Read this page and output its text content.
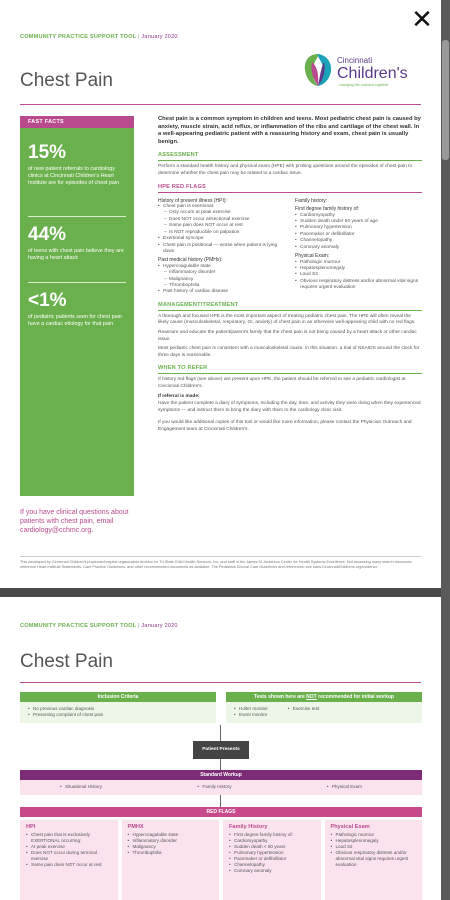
COMMUNITY PRACTICE SUPPORT TOOL | January 2020
Chest Pain
Cincinnati
Children's
changing the outcome together
FAST FACTS
15%
of new patient referrals to cardiology clinics at Cincinnati Children's Heart Institute are for episodes of chest pain
44%
of teens with chest pain believe they are having a heart attack
<1%
of pediatric patients seen for chest pain have a cardiac etiology for that pain
If you have clinical questions about patients with chest pain, email cardiology@cchmc.org.
Chest pain is a common symptom in children and teens. Most pediatric chest pain is caused by anxiety, muscle strain, acid reflux, or inflammation of the ribs and cartilage of the chest wall. In a well-appearing pediatric patient with a reassuring history and exam, chest pain is usually benign.
ASSESSMENT
Perform a standard health history and physical exam (HPE) with probing questions around the episodes of chest pain to determine whether the chest pain may be related to a cardiac issue.
HPE RED FLAGS
History of present illness (HPI):
• Chest pain is exertional:
– Only occurs at peak exercise
– Does NOT occur at/sectional exercise
– Same pain does NOT occur at rest
– Is NOT reproducible on palpation
• Exertional syncope
• Chest pain is positional — worse when patient is lying down
Past medical history (PMHx):
• Hypercoagulable state
– Inflammatory disorder
– Malignancy
– Thrombophilia
• Past history of cardiac disease
Family history:
First degree family history of:
• Cardiomyopathy
• Sudden death under 50 years of age
• Pulmonary hypertension
• Pacemaker or defibrillator
• Channelopathy
• Coronary anomaly
Physical Exam:
• Pathologic murmur
• Hepatosplenomegaly
• Loud S2
• Obvious respiratory distress and/or abnormal vital signs requires urgent evaluation
MANAGEMENT/TREATMENT
A thorough and focused HPE is the most important aspect of treating pediatric chest pain. The HPE will often reveal the likely cause (musculoskeletal, respiratory, GI, anxiety) of chest pain in an otherwise well-appearing child with no red flags.
Reassure and educate the patient/parent's family that the chest pain is not being caused by a heart attack or other cardiac issue.
Most pediatric chest pain is consistent with a musculoskeletal cause. In this situation, a trial of NSAIDS around the clock for three days is reasonable.
WHEN TO REFER
If history red flags (see above) are present upon HPE, the patient should be referred to see a pediatric cardiologist at Cincinnati Children's.
If referral is made:
Have the patient complete a diary of symptoms, including the day, time, and activity they were doing when they experienced symptoms — and instruct them to bring the diary with them to the cardiology clinic visit.
If you would like additional copies of this tool or would like more information, please contact the Physician Outreach and Engagement team at Cincinnati Children's.
This developed by Cincinnati Children's physician/hospital organization division for Tri-State Child Health Services, Inc. and staff in the James M. Anderson Center for Health Systems Excellence. Not assessing many search resources: reference Heart Institute Statements, Care Practice Guidelines, and other recommended documents as available. The Pediatrics Clinical Care Guidelines and references: see www.CincinnatiChildrens.org/evidence.
COMMUNITY PRACTICE SUPPORT TOOL | January 2020
Chest Pain
Inclusion Criteria
• No previous cardiac diagnosis
• Presenting complaint of chest pain
Tests shown here are NOT recommended for initial workup
• Holter monitor
• Event monitor
• Exercise test
Patient Presents
Standard Workup
• Situational History	• Family History	• Physical Exam
RED FLAGS
HPI
• Chest pain that is exclusively EXERTIONAL occurring:
• At peak exercise
• Does NOT occur during terminal exercise
• Same pain does NOT occur at rest
PMHX
• Hypercoagulable state
• Inflammatory disorder
• Malignancy
• Thrombophilia
Family History
• First degree family history of:
• Cardiomyopathy
• Sudden death < 50 years
• Pulmonary hypertension
• Pacemaker or defibrillator
• Channelopathy
• Coronary anomaly
Physical Exam
• Pathologic murmur
• Hepatosplenomegaly
• Loud S2
• Obvious respiratory distress and/or abnormal vital signs requires urgent evaluation
✕
